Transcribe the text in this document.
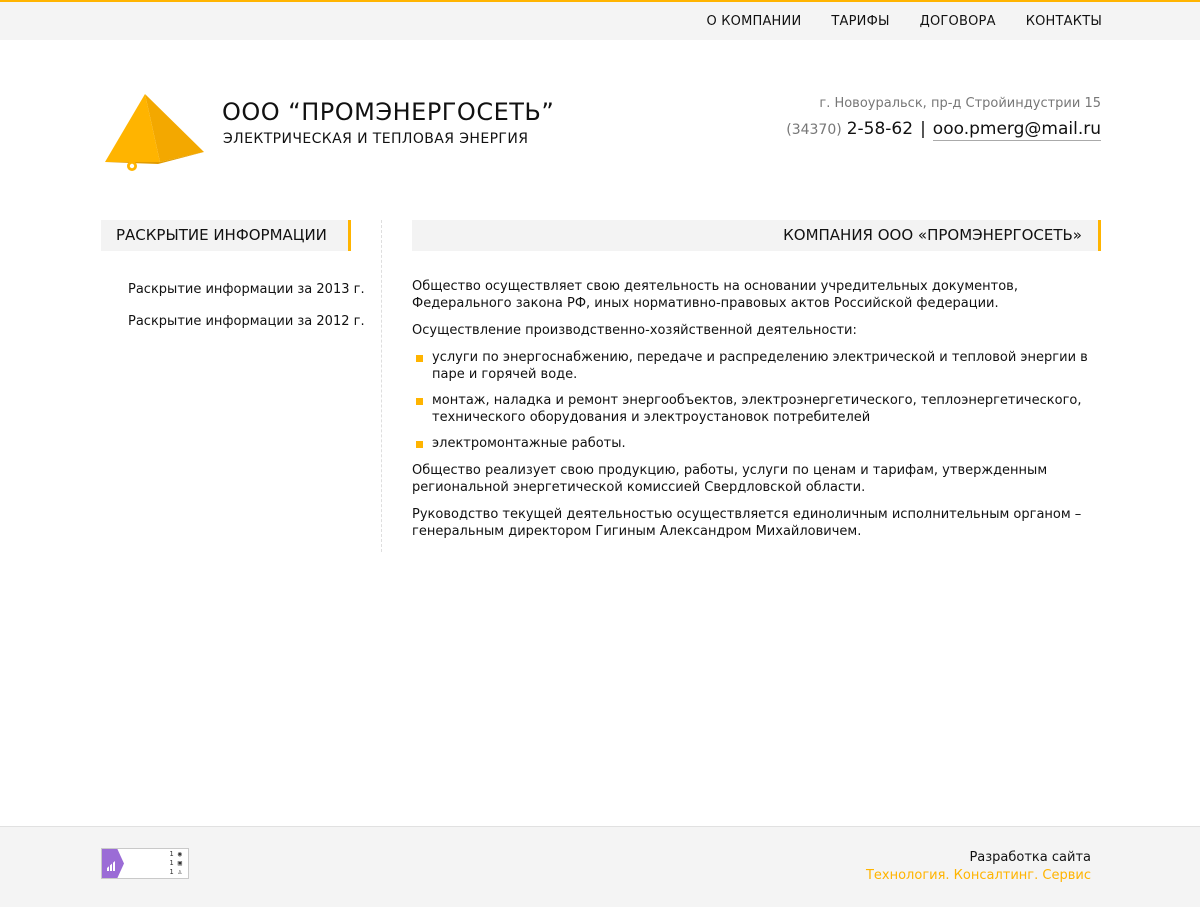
О КОМПАНИИ ТАРИФЫ ДОГОВОРА КОНТАКТЫ
ООО “ПРОМЭНЕРГОСЕТЬ”
ЭЛЕКТРИЧЕСКАЯ И ТЕПЛОВАЯ ЭНЕРГИЯ
г. Новоуральск, пр-д Стройиндустрии 15
(34370) 2-58-62 | ooo.pmerg@mail.ru
РАСКРЫТИЕ ИНФОРМАЦИИ
Раскрытие информации за 2013 г.
Раскрытие информации за 2012 г.
КОМПАНИЯ ООО «ПРОМЭНЕРГОСЕТЬ»

Общество осуществляет свою деятельность на основании учредительных документов, Федерального закона РФ, иных нормативно-правовых актов Российской федерации.

Осуществление производственно-хозяйственной деятельности:

услуги по энергоснабжению, передаче и распределению электрической и тепловой энергии в паре и горячей воде.
монтаж, наладка и ремонт энергообъектов, электроэнергетического, теплоэнергетического, технического оборудования и электроустановок потребителей
электромонтажные работы.

Общество реализует свою продукцию, работы, услуги по ценам и тарифам, утвержденным региональной энергетической комиссией Свердловской области.

Руководство текущей деятельностью осуществляется единоличным исполнительным органом – генеральным директором Гигиным Александром Михайловичем.

1 ◉
1 ▣
1 ♙
Разработка сайта
Технология. Консалтинг. Сервис
